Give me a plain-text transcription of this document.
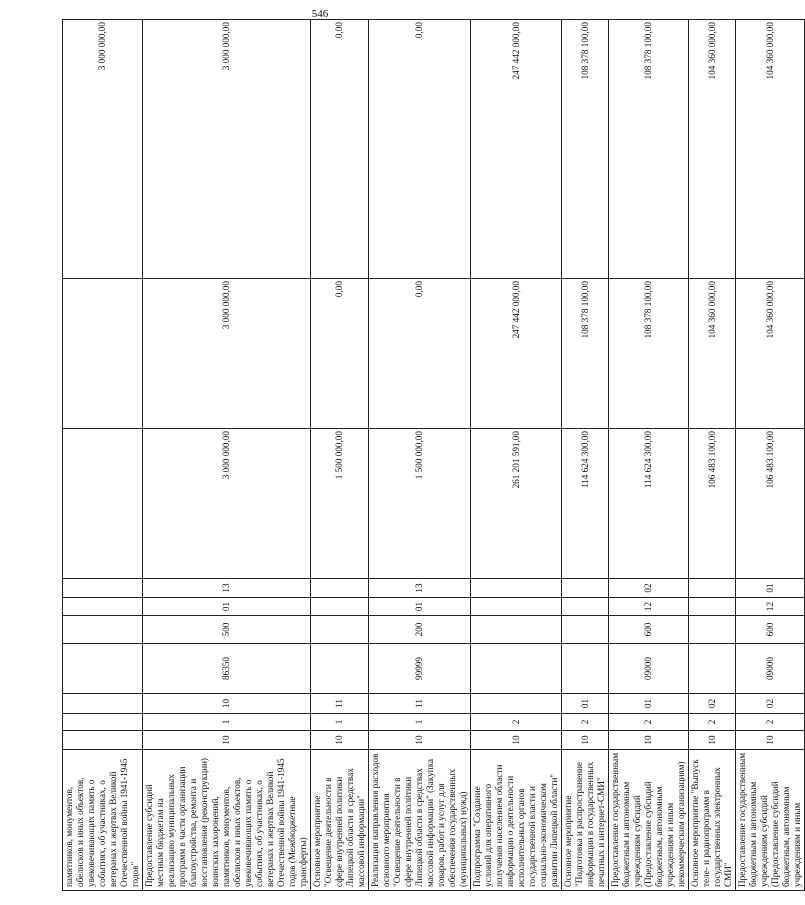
546
памятников, монументов, обелисков и иных объектов, увековечивающих память о событиях, об участниках, о ветеранах и жертвах Великой Отечественной войны 1941-1945 годов"										3 000 000,00
Предоставление субсидий местным бюджетам на реализацию муниципальных программ в части организации благоустройства, ремонта и восстановления (реконструкции) воинских захоронений, памятников, монументов, обелисков и иных объектов, увековечивающих память о событиях, об участниках, о ветеранах и жертвах Великой Отечественной войны 1941-1945 годов (Межбюджетные трансферты)	10	1	10	86350	500	01	13	3 000 000,00	3 000 000,00	3 000 000,00
Основное мероприятие "Освещение деятельности в сфере внутренней политики Липецкой области в средствах массовой информации"	10	1	11					1 500 000,00	0,00	0,00
Реализация направления расходов основного мероприятия "Освещение деятельности в сфере внутренней политики Липецкой области в средствах массовой информации" (Закупка товаров, работ и услуг для обеспечения государственных (муниципальных) нужд)	10	1	11	99999	200	01	13	1 500 000,00	0,00	0,00
Подпрограмма "Создание условий для оперативного получения населением области информации о деятельности исполнительных органов государственной власти и социально-экономическом развитии Липецкой области"	10	2						261 201 591,00	247 442 000,00	247 442 000,00
Основное мероприятие "Подготовка и распространение информации в государственных печатных и интернет-СМИ"	10	2	01					114 624 300,00	108 378 100,00	108 378 100,00
Предоставление государственным бюджетным и автономным учреждениям субсидий (Предоставление субсидий бюджетным, автономным учреждениям и иным некоммерческим организациям)	10	2	01	09000	600	12	02	114 624 300,00	108 378 100,00	108 378 100,00
Основное мероприятие "Выпуск теле- и радиопрограмм в государственных электронных СМИ"	10	2	02					106 483 100,00	104 360 000,00	104 360 000,00
Предоставление государственным бюджетным и автономным учреждениям субсидий (Предоставление субсидий бюджетным, автономным учреждениям и иным	10	2	02	09000	600	12	01	106 483 100,00	104 360 000,00	104 360 000,00
